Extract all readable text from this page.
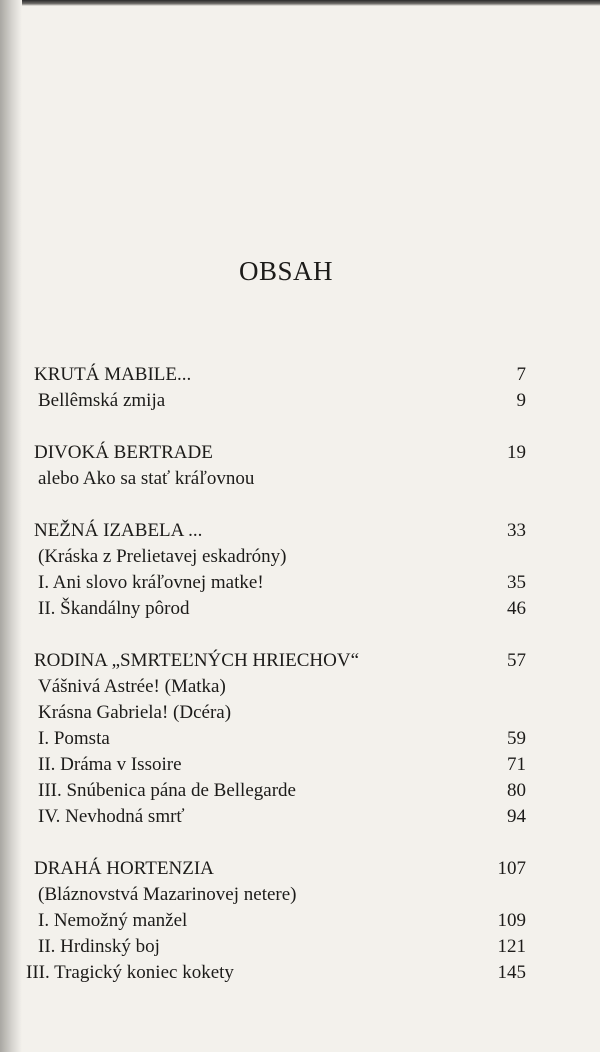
OBSAH
KRUTÁ MABILE...	7
Bellêmská zmija	9
DIVOKÁ BERTRADE	19
alebo Ako sa stať kráľovnou
NEŽNÁ IZABELA ...	33
(Kráska z Prelietavej eskadróny)
I. Ani slovo kráľovnej matke!	35
II. Škandálny pôrod	46
RODINA „SMRTEĽNÝCH HRIECHOV“	57
Vášnivá Astrée! (Matka)
Krásna Gabriela! (Dcéra)
I. Pomsta	59
II. Dráma v Issoire	71
III. Snúbenica pána de Bellegarde	80
IV. Nevhodná smrť	94
DRAHÁ HORTENZIA	107
(Bláznovstvá Mazarinovej netere)
I. Nemožný manžel	109
II. Hrdinský boj	121
III. Tragický koniec kokety	145
